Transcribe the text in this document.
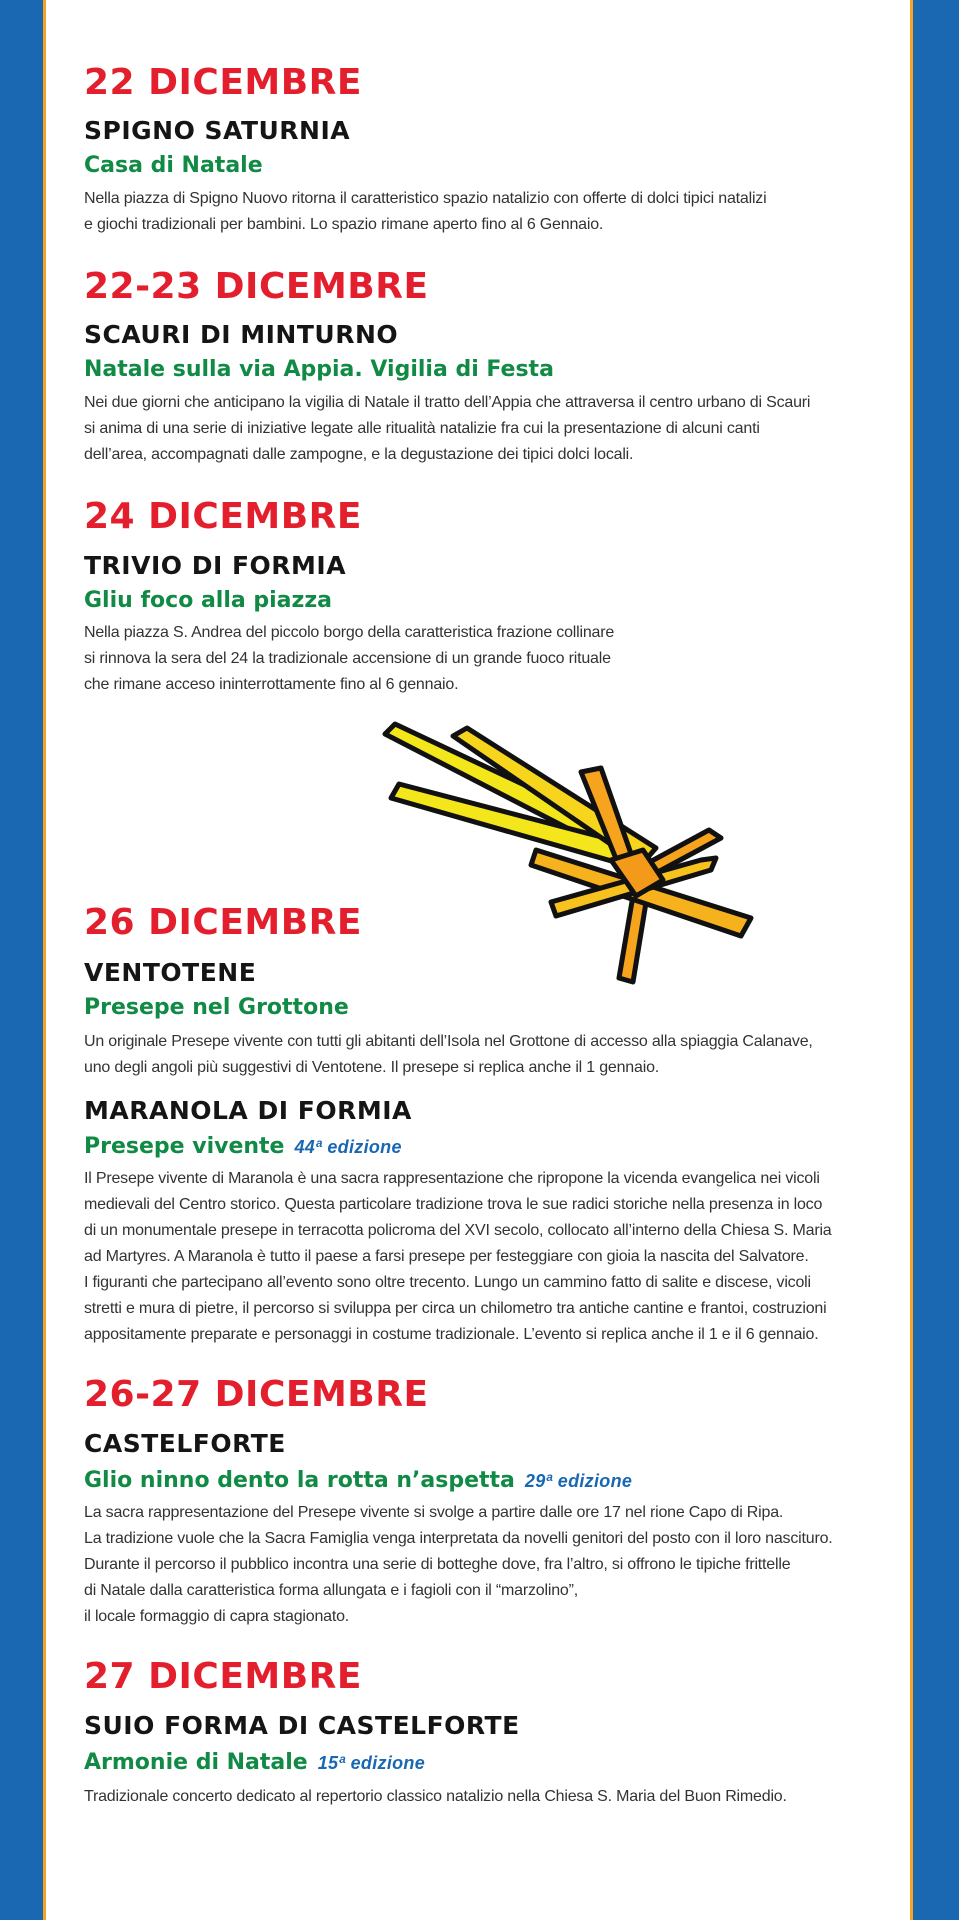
22 DICEMBRE
SPIGNO SATURNIA
Casa di Natale
Nella piazza di Spigno Nuovo ritorna il caratteristico spazio natalizio con offerte di dolci tipici natalizi
e giochi tradizionali per bambini. Lo spazio rimane aperto fino al 6 Gennaio.
22-23 DICEMBRE
SCAURI DI MINTURNO
Natale sulla via Appia. Vigilia di Festa
Nei due giorni che anticipano la vigilia di Natale il tratto dell’Appia che attraversa il centro urbano di Scauri
si anima di una serie di iniziative legate alle ritualità natalizie fra cui la presentazione di alcuni canti
dell’area, accompagnati dalle zampogne, e la degustazione dei tipici dolci locali.
24 DICEMBRE
TRIVIO DI FORMIA
Gliu foco alla piazza
Nella piazza S. Andrea del piccolo borgo della caratteristica frazione collinare
si rinnova la sera del 24 la tradizionale accensione di un grande fuoco rituale
che rimane acceso ininterrottamente fino al 6 gennaio.
26 DICEMBRE
VENTOTENE
Presepe nel Grottone
Un originale Presepe vivente con tutti gli abitanti dell’Isola nel Grottone di accesso alla spiaggia Calanave,
uno degli angoli più suggestivi di Ventotene. Il presepe si replica anche il 1 gennaio.
MARANOLA DI FORMIA
Presepe vivente 44ª edizione
Il Presepe vivente di Maranola è una sacra rappresentazione che ripropone la vicenda evangelica nei vicoli
medievali del Centro storico. Questa particolare tradizione trova le sue radici storiche nella presenza in loco
di un monumentale presepe in terracotta policroma del XVI secolo, collocato all’interno della Chiesa S. Maria
ad Martyres. A Maranola è tutto il paese a farsi presepe per festeggiare con gioia la nascita del Salvatore.
I figuranti che partecipano all’evento sono oltre trecento. Lungo un cammino fatto di salite e discese, vicoli
stretti e mura di pietre, il percorso si sviluppa per circa un chilometro tra antiche cantine e frantoi, costruzioni
appositamente preparate e personaggi in costume tradizionale. L’evento si replica anche il 1 e il 6 gennaio.
26-27 DICEMBRE
CASTELFORTE
Glio ninno dento la rotta n’aspetta 29ª edizione
La sacra rappresentazione del Presepe vivente si svolge a partire dalle ore 17 nel rione Capo di Ripa.
La tradizione vuole che la Sacra Famiglia venga interpretata da novelli genitori del posto con il loro nascituro.
Durante il percorso il pubblico incontra una serie di botteghe dove, fra l’altro, si offrono le tipiche frittelle
di Natale dalla caratteristica forma allungata e i fagioli con il “marzolino”,
il locale formaggio di capra stagionato.
27 DICEMBRE
SUIO FORMA DI CASTELFORTE
Armonie di Natale 15ª edizione
Tradizionale concerto dedicato al repertorio classico natalizio nella Chiesa S. Maria del Buon Rimedio.
